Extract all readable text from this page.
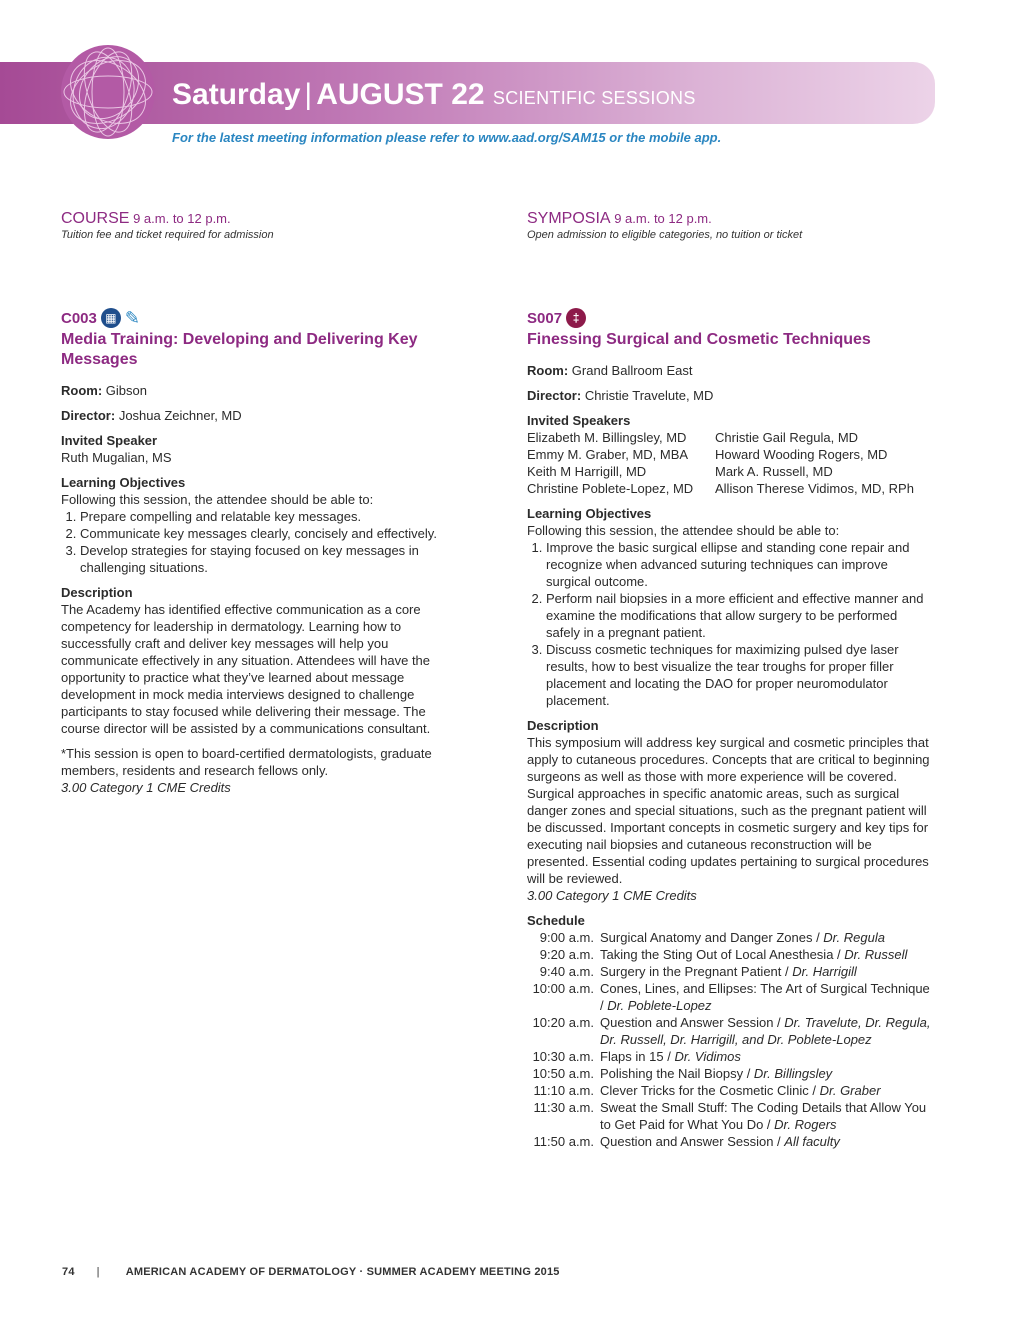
Saturday | AUGUST 22 SCIENTIFIC SESSIONS
For the latest meeting information please refer to www.aad.org/SAM15 or the mobile app.
COURSE 9 a.m. to 12 p.m.
Tuition fee and ticket required for admission
C003 ▦ ✎
Media Training: Developing and Delivering Key Messages
Room: Gibson
Director: Joshua Zeichner, MD
Invited Speaker
Ruth Mugalian, MS
Learning Objectives
Following this session, the attendee should be able to:
1. Prepare compelling and relatable key messages.
2. Communicate key messages clearly, concisely and effectively.
3. Develop strategies for staying focused on key messages in challenging situations.
Description

The Academy has identified effective communication as a core competency for leadership in dermatology. Learning how to successfully craft and deliver key messages will help you communicate effectively in any situation. Attendees will have the opportunity to practice what they’ve learned about message development in mock media interviews designed to challenge participants to stay focused while delivering their message. The course director will be assisted by a communications consultant.

*This session is open to board-certified dermatologists, graduate members, residents and research fellows only.
3.00 Category 1 CME Credits
SYMPOSIA 9 a.m. to 12 p.m.
Open admission to eligible categories, no tuition or ticket
S007 ‡
Finessing Surgical and Cosmetic Techniques
Room: Grand Ballroom East
Director: Christie Travelute, MD
Invited Speakers
Elizabeth M. Billingsley, MD	Christie Gail Regula, MD
Emmy M. Graber, MD, MBA	Howard Wooding Rogers, MD
Keith M Harrigill, MD	Mark A. Russell, MD
Christine Poblete-Lopez, MD	Allison Therese Vidimos, MD, RPh
Learning Objectives
Following this session, the attendee should be able to:
1. Improve the basic surgical ellipse and standing cone repair and recognize when advanced suturing techniques can improve surgical outcome.
2. Perform nail biopsies in a more efficient and effective manner and examine the modifications that allow surgery to be performed safely in a pregnant patient.
3. Discuss cosmetic techniques for maximizing pulsed dye laser results, how to best visualize the tear troughs for proper filler placement and locating the DAO for proper neuromodulator placement.
Description

This symposium will address key surgical and cosmetic principles that apply to cutaneous procedures. Concepts that are critical to beginning surgeons as well as those with more experience will be covered. Surgical approaches in specific anatomic areas, such as surgical danger zones and special situations, such as the pregnant patient will be discussed. Important concepts in cosmetic surgery and key tips for executing nail biopsies and cutaneous reconstruction will be presented. Essential coding updates pertaining to surgical procedures will be reviewed.

3.00 Category 1 CME Credits
Schedule
9:00 a.m. Surgical Anatomy and Danger Zones / Dr. Regula
9:20 a.m. Taking the Sting Out of Local Anesthesia / Dr. Russell
9:40 a.m. Surgery in the Pregnant Patient / Dr. Harrigill
10:00 a.m. Cones, Lines, and Ellipses: The Art of Surgical Technique / Dr. Poblete-Lopez
10:20 a.m. Question and Answer Session / Dr. Travelute, Dr. Regula, Dr. Russell, Dr. Harrigill, and Dr. Poblete-Lopez
10:30 a.m. Flaps in 15 / Dr. Vidimos
10:50 a.m. Polishing the Nail Biopsy / Dr. Billingsley
11:10 a.m. Clever Tricks for the Cosmetic Clinic / Dr. Graber
11:30 a.m. Sweat the Small Stuff: The Coding Details that Allow You to Get Paid for What You Do / Dr. Rogers
11:50 a.m. Question and Answer Session / All faculty
74 | AMERICAN ACADEMY OF DERMATOLOGY · SUMMER ACADEMY MEETING 2015
